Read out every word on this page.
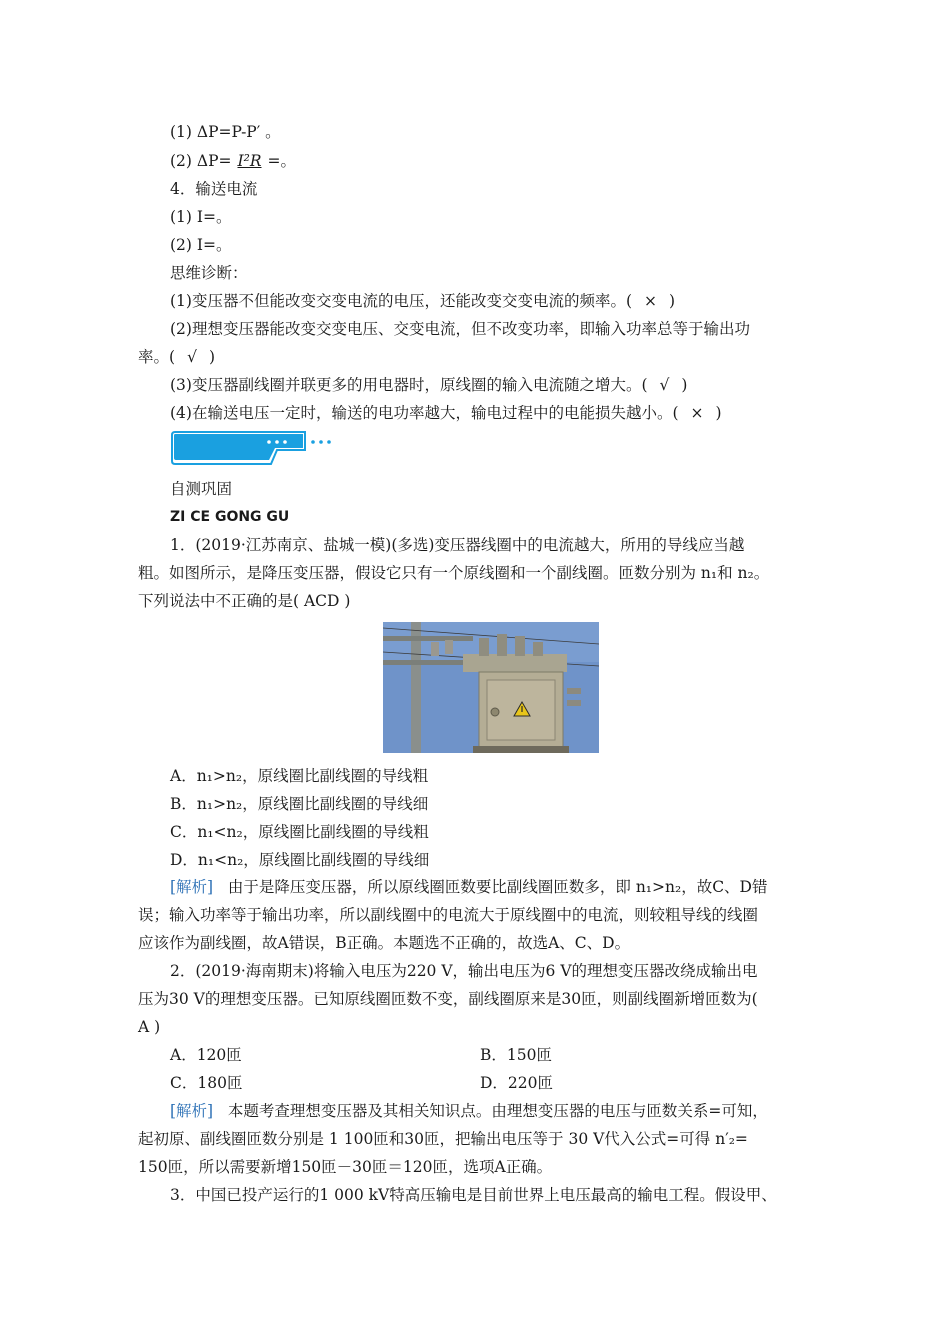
(1) ΔP=P-P′ 。
(2) ΔP= I²R =。
4．输送电流
(1) I=。
(2) I=。
思维诊断：
(1)变压器不但能改变交变电流的电压，还能改变交变电流的频率。( × )
(2)理想变压器能改变交变电压、交变电流，但不改变功率，即输入功率总等于输出功
率。( √ )
(3)变压器副线圈并联更多的用电器时，原线圈的输入电流随之增大。( √ )
(4)在输送电压一定时，输送的电功率越大，输电过程中的电能损失越小。( × )
自测巩固
ZI CE GONG GU
1．(2019·江苏南京、盐城一模)(多选)变压器线圈中的电流越大，所用的导线应当越
粗。如图所示，是降压变压器，假设它只有一个原线圈和一个副线圈。匝数分别为 n₁和 n₂。
下列说法中不正确的是( ACD )
A．n₁>n₂，原线圈比副线圈的导线粗
B．n₁>n₂，原线圈比副线圈的导线细
C．n₁<n₂，原线圈比副线圈的导线粗
D．n₁<n₂，原线圈比副线圈的导线细
[解析] 由于是降压变压器，所以原线圈匝数要比副线圈匝数多，即 n₁>n₂，故C、D错
误；输入功率等于输出功率，所以副线圈中的电流大于原线圈中的电流，则较粗导线的线圈
应该作为副线圈，故A错误，B正确。本题选不正确的，故选A、C、D。
2．(2019·海南期末)将输入电压为220 V，输出电压为6 V的理想变压器改绕成输出电
压为30 V的理想变压器。已知原线圈匝数不变，副线圈原来是30匝，则副线圈新增匝数为(
A )
A．120匝	B．150匝
C．180匝	D．220匝
[解析] 本题考查理想变压器及其相关知识点。由理想变压器的电压与匝数关系=可知，
起初原、副线圈匝数分别是 1 100匝和30匝，把输出电压等于 30 V代入公式=可得 n′₂=
150匝，所以需要新增150匝－30匝＝120匝，选项A正确。
3．中国已投产运行的1 000 kV特高压输电是目前世界上电压最高的输电工程。假设甲、
